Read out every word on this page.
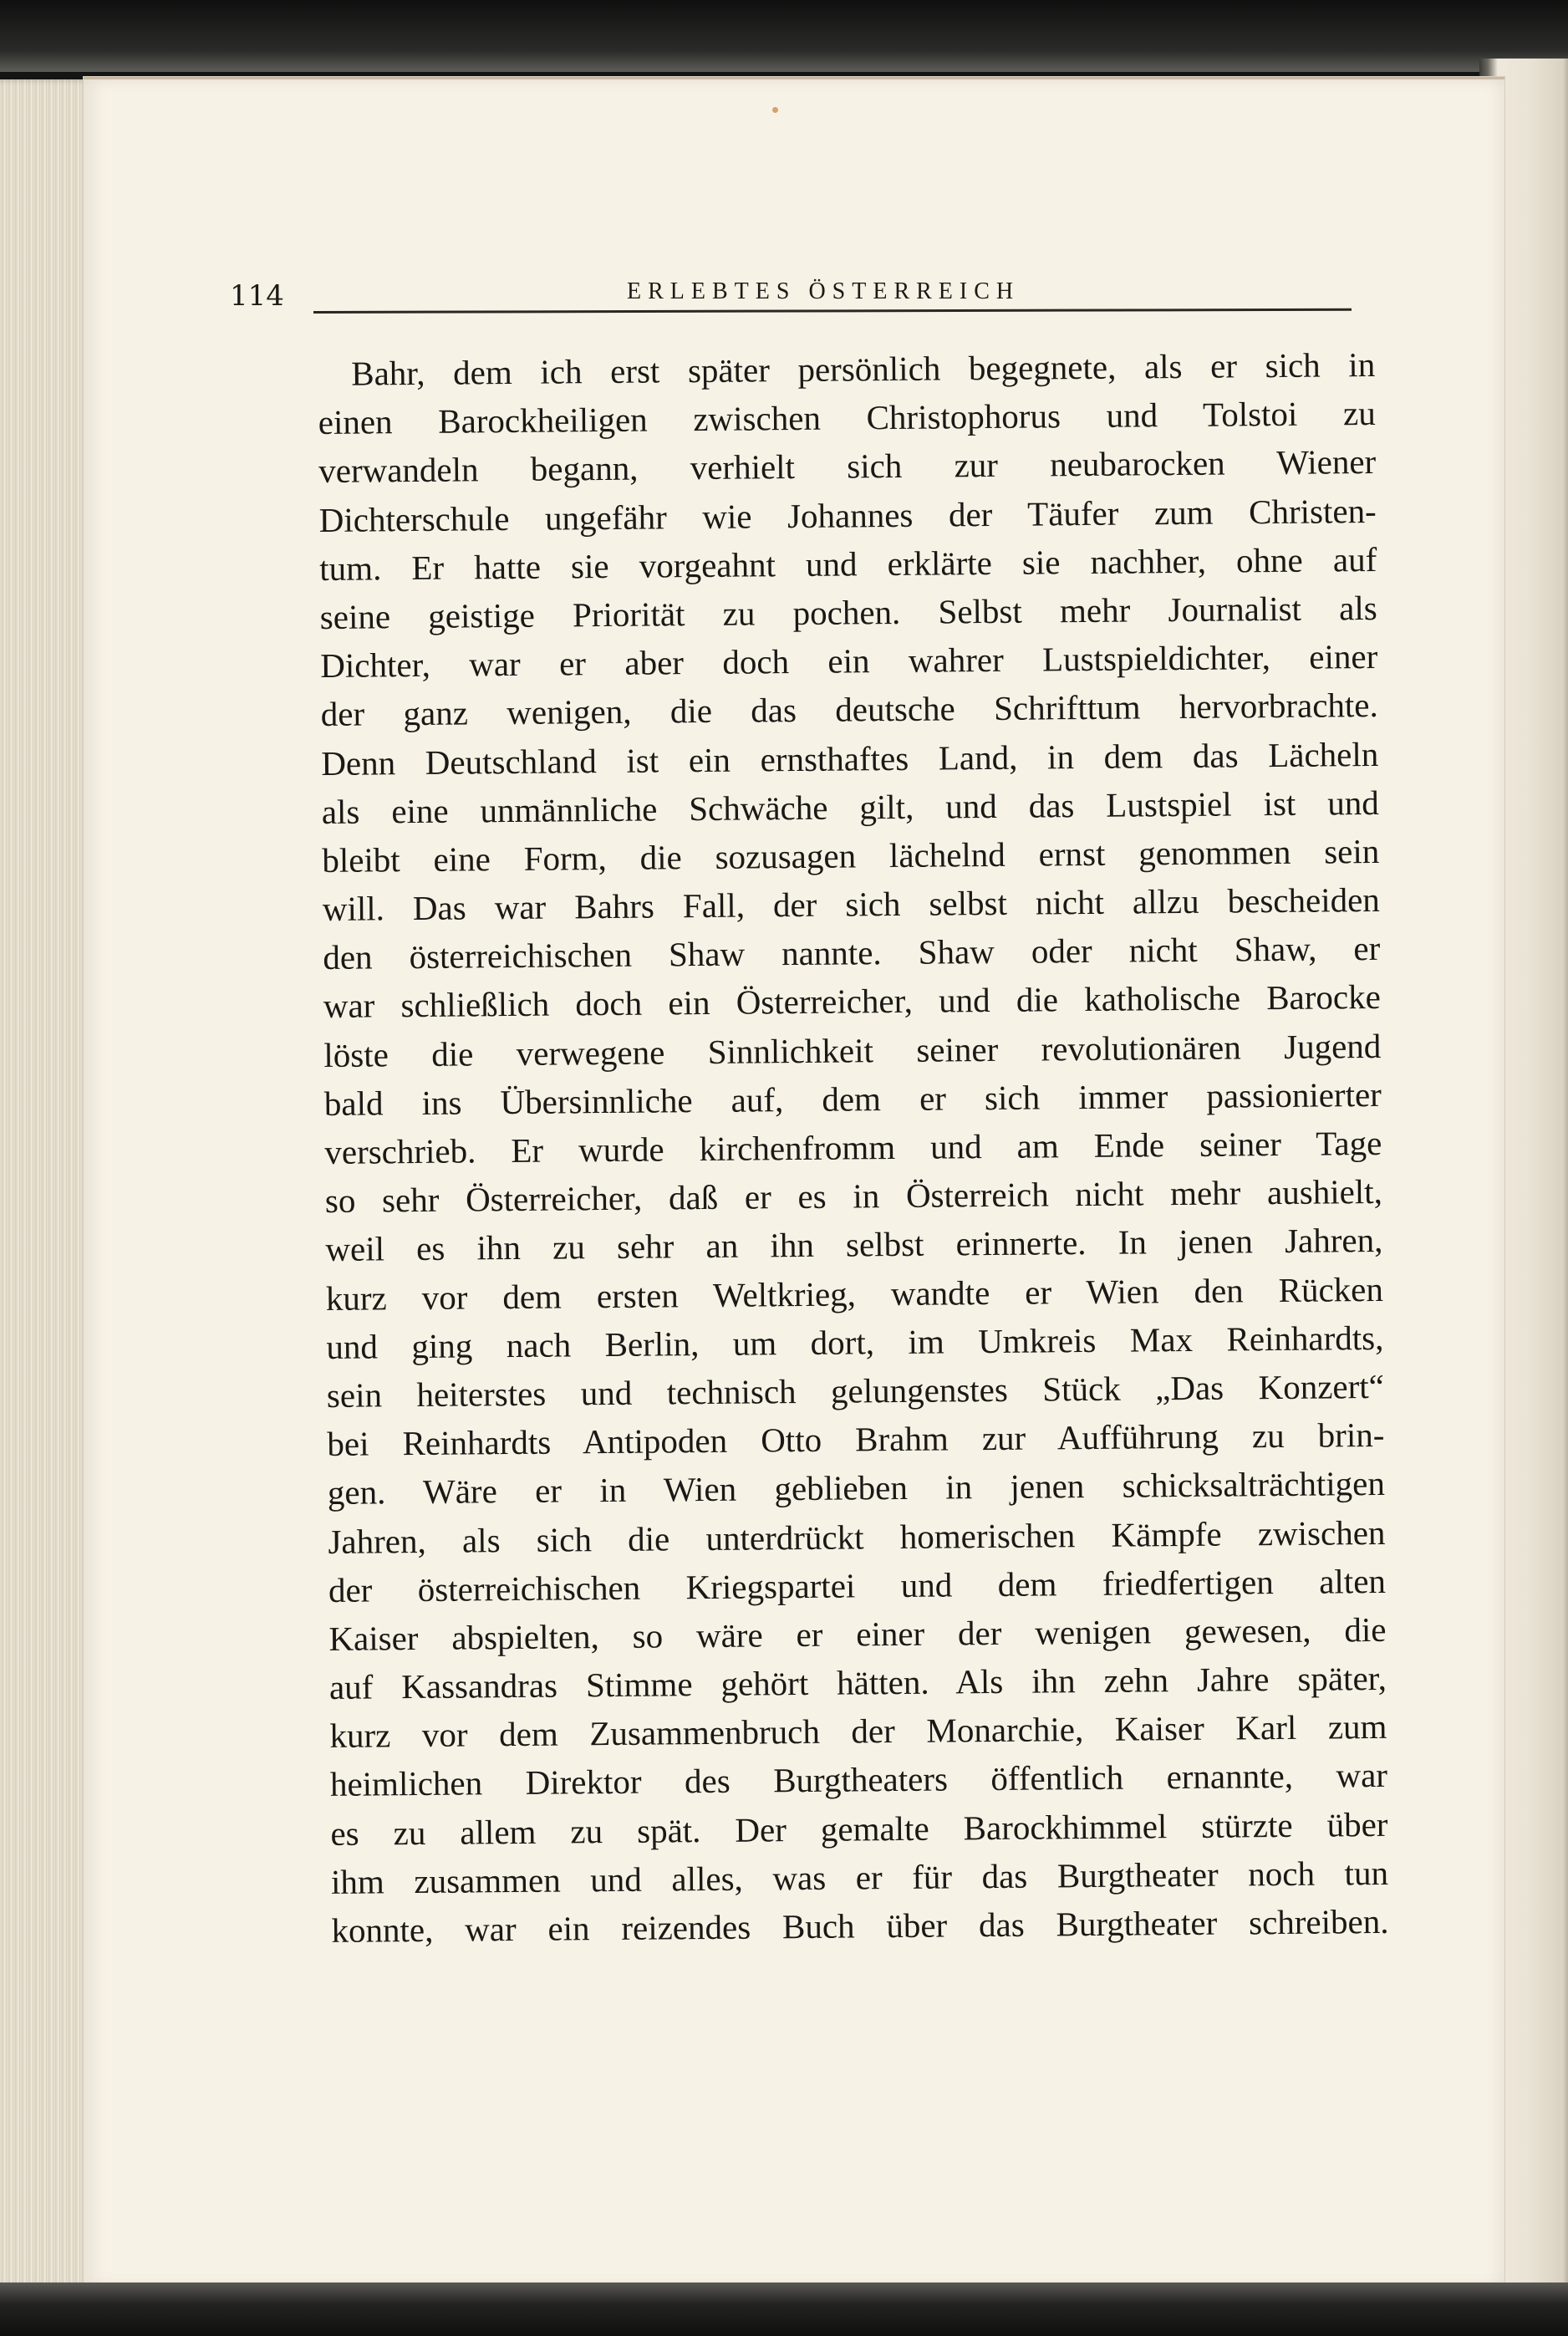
114	ERLEBTES ÖSTERREICH
Bahr, dem ich erst später persönlich begegnete, als er sich in
einen Barockheiligen zwischen Christophorus und Tolstoi zu
verwandeln begann, verhielt sich zur neubarocken Wiener
Dichterschule ungefähr wie Johannes der Täufer zum Christen-
tum. Er hatte sie vorgeahnt und erklärte sie nachher, ohne auf
seine geistige Priorität zu pochen. Selbst mehr Journalist als
Dichter, war er aber doch ein wahrer Lustspieldichter, einer
der ganz wenigen, die das deutsche Schrifttum hervorbrachte.
Denn Deutschland ist ein ernsthaftes Land, in dem das Lächeln
als eine unmännliche Schwäche gilt, und das Lustspiel ist und
bleibt eine Form, die sozusagen lächelnd ernst genommen sein
will. Das war Bahrs Fall, der sich selbst nicht allzu bescheiden
den österreichischen Shaw nannte. Shaw oder nicht Shaw, er
war schließlich doch ein Österreicher, und die katholische Barocke
löste die verwegene Sinnlichkeit seiner revolutionären Jugend
bald ins Übersinnliche auf, dem er sich immer passionierter
verschrieb. Er wurde kirchenfromm und am Ende seiner Tage
so sehr Österreicher, daß er es in Österreich nicht mehr aushielt,
weil es ihn zu sehr an ihn selbst erinnerte. In jenen Jahren,
kurz vor dem ersten Weltkrieg, wandte er Wien den Rücken
und ging nach Berlin, um dort, im Umkreis Max Reinhardts,
sein heiterstes und technisch gelungenstes Stück „Das Konzert“
bei Reinhardts Antipoden Otto Brahm zur Aufführung zu brin-
gen. Wäre er in Wien geblieben in jenen schicksalträchtigen
Jahren, als sich die unterdrückt homerischen Kämpfe zwischen
der österreichischen Kriegspartei und dem friedfertigen alten
Kaiser abspielten, so wäre er einer der wenigen gewesen, die
auf Kassandras Stimme gehört hätten. Als ihn zehn Jahre später,
kurz vor dem Zusammenbruch der Monarchie, Kaiser Karl zum
heimlichen Direktor des Burgtheaters öffentlich ernannte, war
es zu allem zu spät. Der gemalte Barockhimmel stürzte über
ihm zusammen und alles, was er für das Burgtheater noch tun
konnte, war ein reizendes Buch über das Burgtheater schreiben.
